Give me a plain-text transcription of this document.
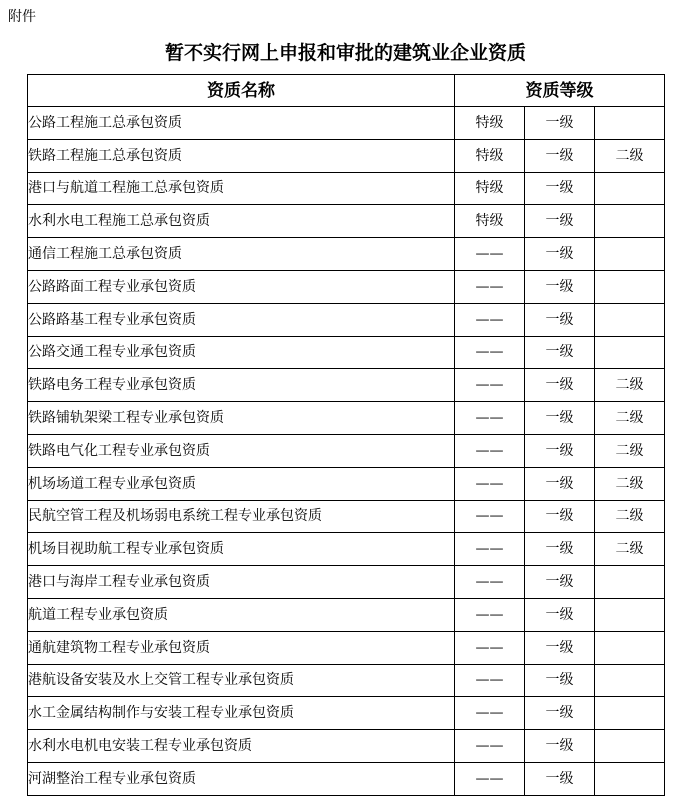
附件
暂不实行网上申报和审批的建筑业企业资质
资质名称	资质等级		
公路工程施工总承包资质	特级	一级	
铁路工程施工总承包资质	特级	一级	二级
港口与航道工程施工总承包资质	特级	一级	
水利水电工程施工总承包资质	特级	一级	
通信工程施工总承包资质	——	一级	
公路路面工程专业承包资质	——	一级	
公路路基工程专业承包资质	——	一级	
公路交通工程专业承包资质	——	一级	
铁路电务工程专业承包资质	——	一级	二级
铁路铺轨架梁工程专业承包资质	——	一级	二级
铁路电气化工程专业承包资质	——	一级	二级
机场场道工程专业承包资质	——	一级	二级
民航空管工程及机场弱电系统工程专业承包资质	——	一级	二级
机场目视助航工程专业承包资质	——	一级	二级
港口与海岸工程专业承包资质	——	一级	
航道工程专业承包资质	——	一级	
通航建筑物工程专业承包资质	——	一级	
港航设备安装及水上交管工程专业承包资质	——	一级	
水工金属结构制作与安装工程专业承包资质	——	一级	
水利水电机电安装工程专业承包资质	——	一级	
河湖整治工程专业承包资质	——	一级	
